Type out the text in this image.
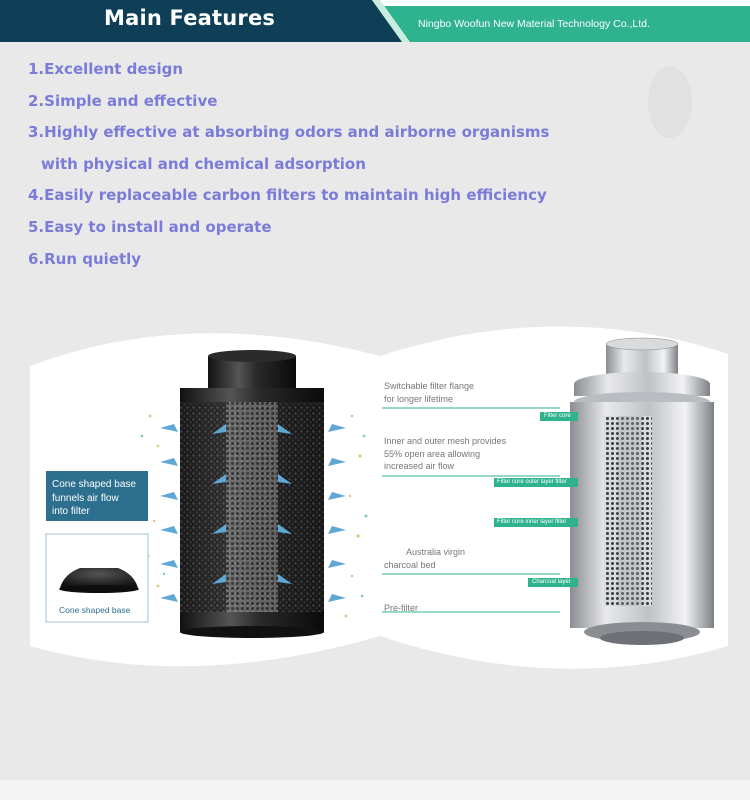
Main Features	Ningbo Woofun New Material Technology Co.,Ltd.
1.Excellent design
2.Simple and effective
3.Highly effective at absorbing odors and airborne organisms
with physical and chemical adsorption
4.Easily replaceable carbon filters to maintain high efficiency
5.Easy to install and operate
6.Run quietly
Cone shaped base
funnels air flow
into filter
Cone shaped base
Switchable filter flange
for longer lifetime
Inner and outer mesh provides
55% open area allowing
increased air flow
Australia virgin
charcoal bed
Pre-filter
Filter core
Filter core outer layer filter
Filter core inner layer filter
Charcoal layer
